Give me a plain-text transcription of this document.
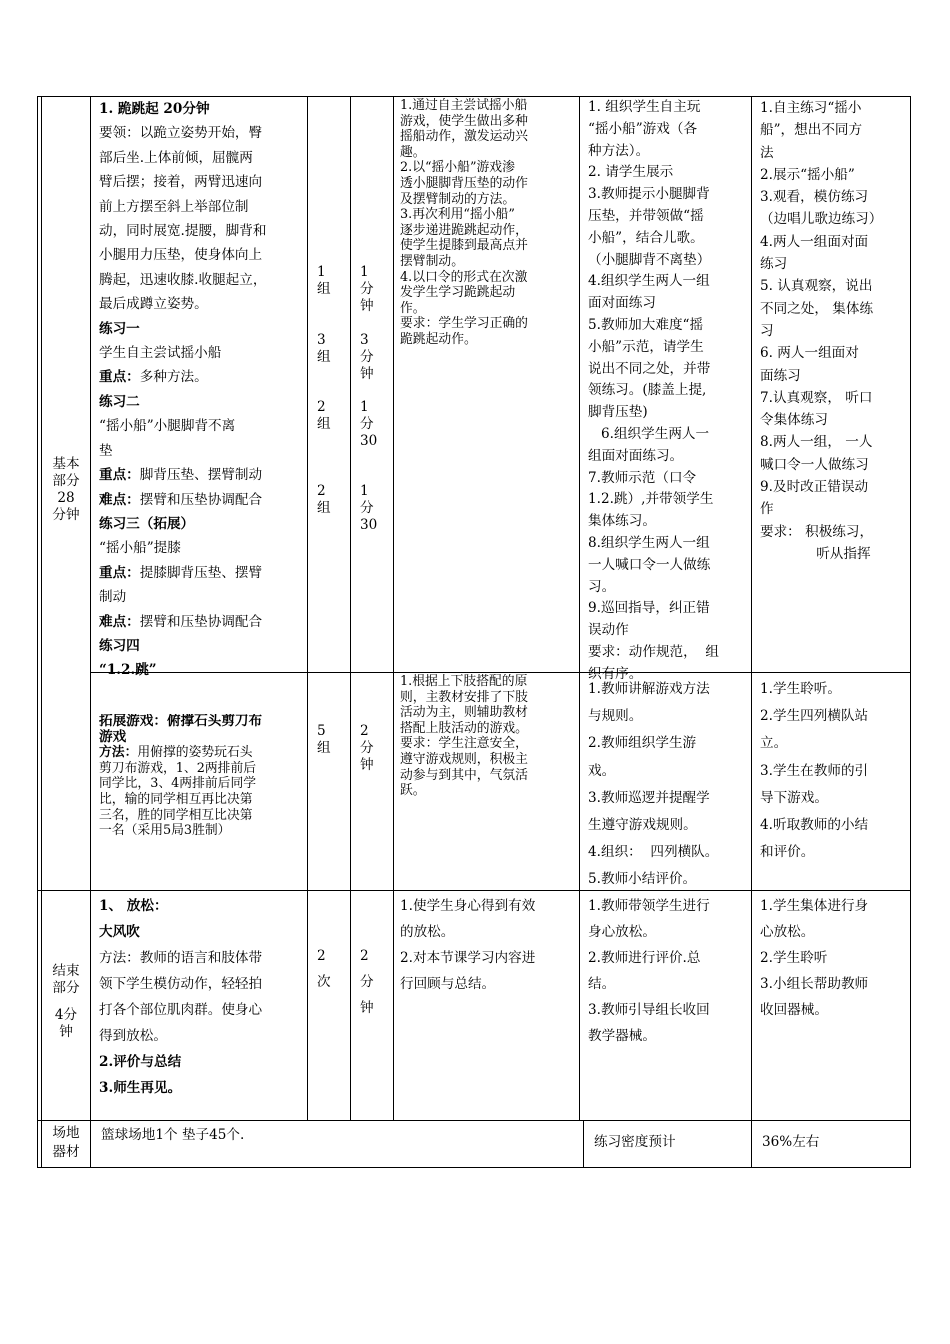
基本
部分
28
分钟
1. 跪跳起 20分钟
要领：以跪立姿势开始，臀
部后坐.上体前倾，屈髋两
臂后摆；接着，两臂迅速向
前上方摆至斜上举部位制
动，同时展宽.提腰，脚背和
小腿用力压垫，使身体向上
腾起，迅速收膝.收腿起立，
最后成蹲立姿势。
练习一
学生自主尝试摇小船
重点：多种方法。
练习二
“摇小船”小腿脚背不离
垫
重点：脚背压垫、摆臂制动
难点：摆臂和压垫协调配合
练习三（拓展）
“摇小船”提膝
重点：提膝脚背压垫、摆臂
制动
难点：摆臂和压垫协调配合
练习四
“1.2.跳”
1
组
3
组
2
组
2
组
1
分
钟
3
分
钟
1
分
30
1
分
30
1.通过自主尝试摇小船
游戏，使学生做出多种
摇船动作，激发运动兴
趣。
2.以“摇小船”游戏渗
透小腿脚背压垫的动作
及摆臂制动的方法。
3.再次利用“摇小船”
逐步递进跪跳起动作，
使学生提膝到最高点并
摆臂制动。
4.以口令的形式在次激
发学生学习跪跳起动
作。
要求：学生学习正确的
跪跳起动作。
1. 组织学生自主玩
“摇小船”游戏（各
种方法）。
2. 请学生展示
3.教师提示小腿脚背
压垫，并带领做“摇
小船”，结合儿歌。
（小腿脚背不离垫）
4.组织学生两人一组
面对面练习
5.教师加大难度“摇
小船”示范，请学生
说出不同之处，并带
领练习。(膝盖上提,
脚背压垫)
6.组织学生两人一
组面对面练习。
7.教师示范（口令
1.2.跳）,并带领学生
集体练习。
8.组织学生两人一组
一人喊口令一人做练
习。
9.巡回指导，纠正错
误动作
要求：动作规范，  组
织有序。
1.自主练习“摇小
船”，想出不同方
法
2.展示“摇小船”
3.观看，模仿练习
（边唱儿歌边练习）
4.两人一组面对面
练习
5. 认真观察，说出
不同之处， 集体练
习
6. 两人一组面对
面练习
7.认真观察， 听口
令集体练习
8.两人一组， 一人
喊口令一人做练习
9.及时改正错误动
作
要求： 积极练习，
听从指挥
拓展游戏：俯撑石头剪刀布
游戏
方法：用俯撑的姿势玩石头
剪刀布游戏，1、2两排前后
同学比，3、4两排前后同学
比，输的同学相互再比决第
三名，胜的同学相互比决第
一名（采用5局3胜制）
5
组
2
分
钟
1.根据上下肢搭配的原
则，主教材安排了下肢
活动为主，则辅助教材
搭配上肢活动的游戏。
要求：学生注意安全，
遵守游戏规则，积极主
动参与到其中，气氛活
跃。
1.教师讲解游戏方法
与规则。
2.教师组织学生游
戏。
3.教师巡逻并提醒学
生遵守游戏规则。
4.组织：  四列横队。
5.教师小结评价。
1.学生聆听。
2.学生四列横队站
立。
3.学生在教师的引
导下游戏。
4.听取教师的小结
和评价。
结束
部分
4分
钟
1、 放松：
大风吹
方法：教师的语言和肢体带
领下学生模仿动作，轻轻拍
打各个部位肌肉群。使身心
得到放松。
2.评价与总结
3.师生再见。
2
次
2
分
钟
1.使学生身心得到有效
的放松。
2.对本节课学习内容进
行回顾与总结。
1.教师带领学生进行
身心放松。
2.教师进行评价.总
结。
3.教师引导组长收回
教学器械。
1.学生集体进行身
心放松。
2.学生聆听
3.小组长帮助教师
收回器械。
场地
器材
篮球场地1个 垫子45个.	练习密度预计	36%左右
